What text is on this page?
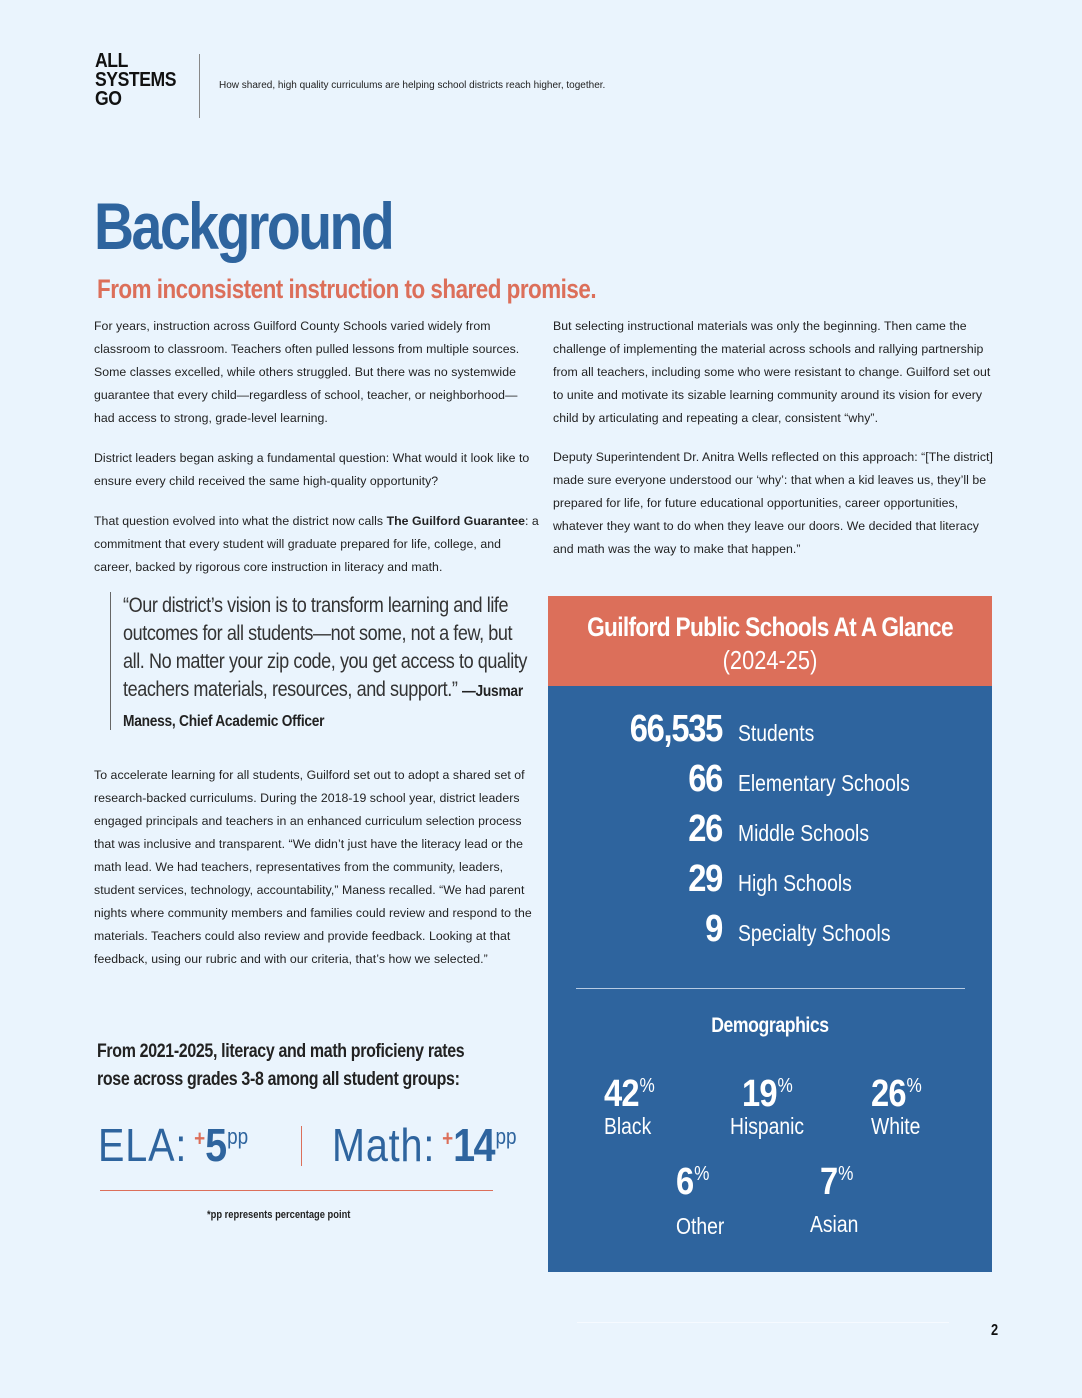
ALL
SYSTEMS
GO
How shared, high quality curriculums are helping school districts reach higher, together.
Background
From inconsistent instruction to shared promise.

For years, instruction across Guilford County Schools varied widely from classroom to classroom. Teachers often pulled lessons from multiple sources. Some classes excelled, while others struggled. But there was no systemwide guarantee that every child—regardless of school, teacher, or neighborhood—had access to strong, grade-level learning.

District leaders began asking a fundamental question: What would it look like to ensure every child received the same high-quality opportunity?

That question evolved into what the district now calls The Guilford Guarantee: a commitment that every student will graduate prepared for life, college, and career, backed by rigorous core instruction in literacy and math.

“Our district’s vision is to transform learning and life outcomes for all students—not some, not a few, but all. No matter your zip code, you get access to quality teachers materials, resources, and support.” —Jusmar Maness, Chief Academic Officer

To accelerate learning for all students, Guilford set out to adopt a shared set of research-backed curriculums. During the 2018-19 school year, district leaders engaged principals and teachers in an enhanced curriculum selection process that was inclusive and transparent. “We didn’t just have the literacy lead or the math lead. We had teachers, representatives from the community, leaders, student services, technology, accountability,” Maness recalled. “We had parent nights where community members and families could review and respond to the materials. Teachers could also review and provide feedback. Looking at that feedback, using our rubric and with our criteria, that’s how we selected.”

From 2021-2025, literacy and math proficieny rates rose across grades 3-8 among all student groups:
ELA: + 5 pp Math: + 14 pp
*pp represents percentage point

But selecting instructional materials was only the beginning. Then came the challenge of implementing the material across schools and rallying partnership from all teachers, including some who were resistant to change. Guilford set out to unite and motivate its sizable learning community around its vision for every child by articulating and repeating a clear, consistent “why”.

Deputy Superintendent Dr. Anitra Wells reflected on this approach: “[The district] made sure everyone understood our ‘why’: that when a kid leaves us, they’ll be prepared for life, for future educational opportunities, career opportunities, whatever they want to do when they leave our doors. We decided that literacy and math was the way to make that happen.”

Guilford Public Schools At A Glance
(2024-25)
66,535 Students
66 Elementary Schools
26 Middle Schools
29 High Schools
9 Specialty Schools
Demographics
42%
Black
19%
Hispanic
26%
White
6%
Other
7%
Asian
2
